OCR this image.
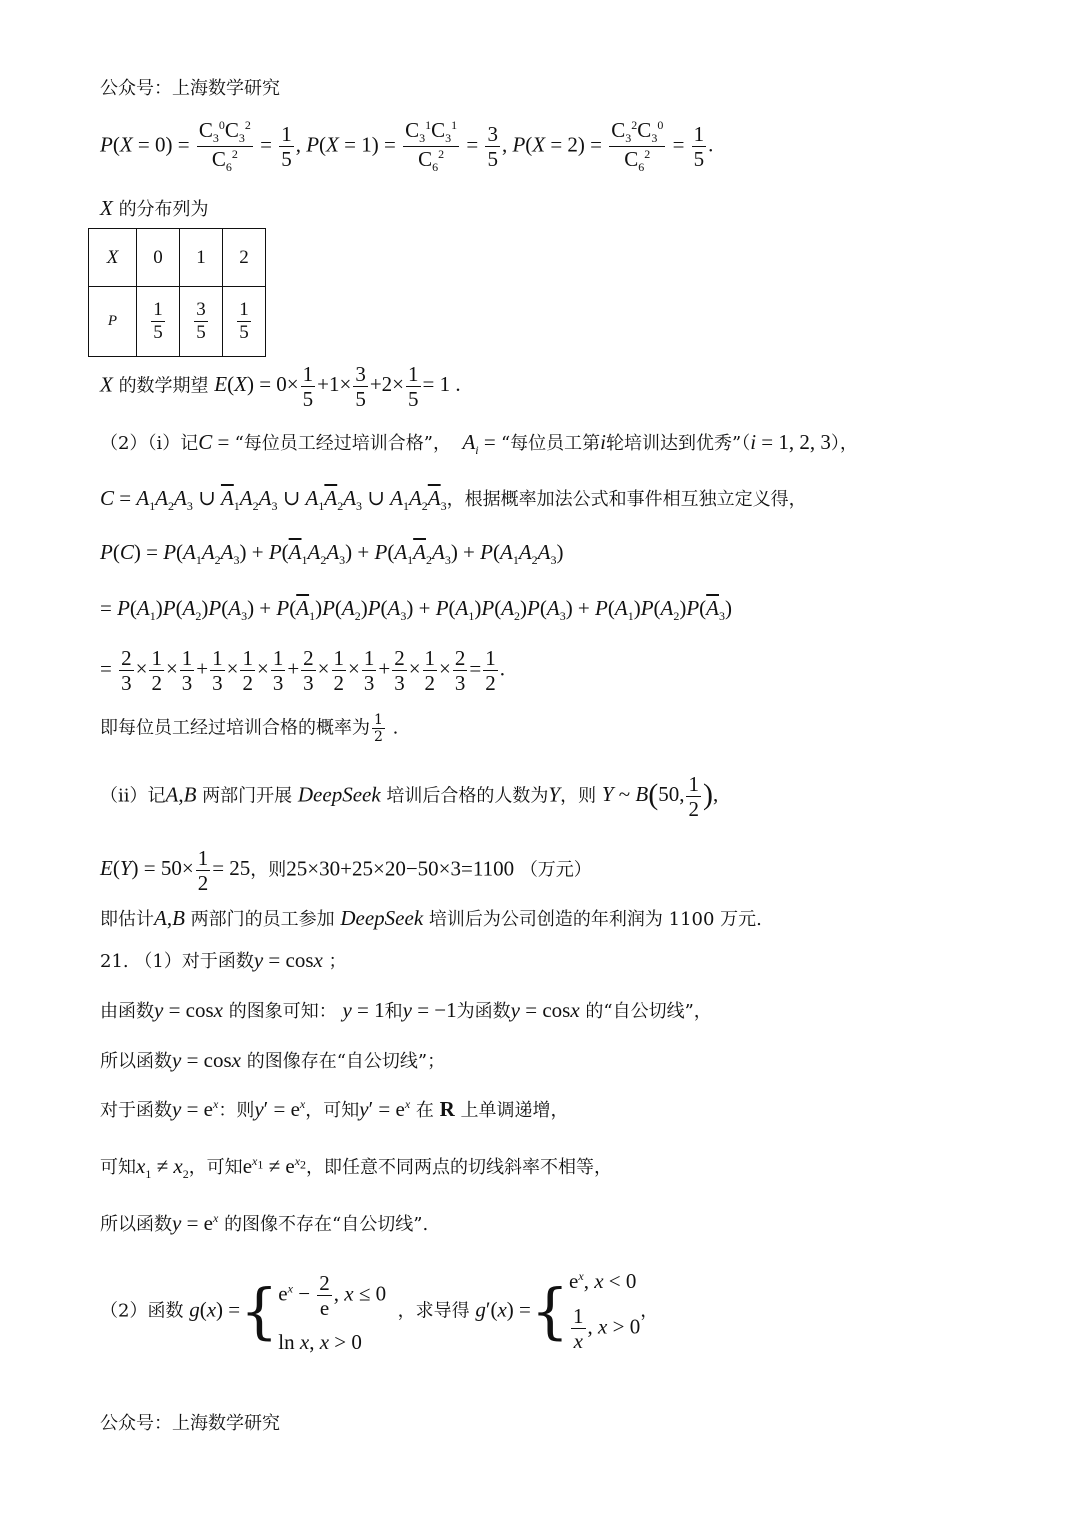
公众号：上海数学研究
$P(X = 0) = \frac{C_3^0C_3^2}{C_6^2} = \frac{1}{5}$ , $P(X = 1) = \frac{C_3^1C_3^1}{C_6^2} = \frac{3}{5}$ , $P(X = 2) = \frac{C_3^2C_3^0}{C_6^2} = \frac{1}{5}$ .
X 的分布列为
X	0	1	2
P	$\frac{1}{5}$	$\frac{3}{5}$	$\frac{1}{5}$
X 的数学期望 $E(X) = 0\times \frac{1}{5} +1\times \frac{3}{5} +2\times \frac{1}{5} = 1$ .
（2）（i）记C = “每位员工经过培训合格”， $A_i$ = “每位员工第i轮培训达到优秀”（i = 1, 2, 3），
$C = A_1A_2A_3$ ∪ $\overline{A}_1A_2A_3$ ∪ $A_1\overline{A}_2A_3$ ∪ $A_1A_2\overline{A}_3$，根据概率加法公式和事件相互独立定义得，
$P(C) = P(A_1A_2A_3) + P(\overline{A}_1A_2A_3) + P(A_1\overline{A}_2A_3) + P(A_1A_2A_3)$
= $P(A_1)P(A_2)P(A_3) + P(\overline{A}_1)P(A_2)P(A_3) + P(A_1)P(A_2)P(A_3) + P(A_1)P(A_2)P(\overline{A}_3)$
= $\frac{2}{3} \times \frac{1}{2} \times \frac{1}{3} + \frac{1}{3} \times \frac{1}{2} \times \frac{1}{3} + \frac{2}{3} \times \frac{1}{2} \times \frac{1}{3} + \frac{2}{3} \times \frac{1}{2} \times \frac{2}{3} = \frac{1}{2}$ .
即每位员工经过培训合格的概率为 $\frac{1}{2}$ .
（ii）记A,B 两部门开展 DeepSeek 培训后合格的人数为Y，则 Y ~ B(50, $\frac{1}{2}$ ),
$E(Y) = 50\times \frac{1}{2} = 25$，则25×30+25×20−50×3=1100 （万元）
即估计A,B 两部门的员工参加 DeepSeek 培训后为公司创造的年利润为 1100 万元.
21. （1）对于函数y = cosx ；
由函数y = cosx 的图象可知： y = 1和y = −1为函数y = cosx 的“自公切线”，
所以函数y = cosx 的图像存在“自公切线”；
对于函数$y = e^x$：则$y' = e^x$，可知$y' = e^x$ 在 R 上单调递增，
可知$x_1 \ne x_2$，可知$e^{x_1} \ne e^{x_2}$，即任意不同两点的切线斜率不相等，
所以函数$y = e^x$ 的图像不存在“自公切线”.
（2）函数 g(x) ={ $e^x - \frac{2}{e}$ , x ≤ 0
ln x, x > 0
，求导得 g′(x) ={ $e^x$, x < 0
$\frac{1}{x}$ , x > 0
，
公众号：上海数学研究
